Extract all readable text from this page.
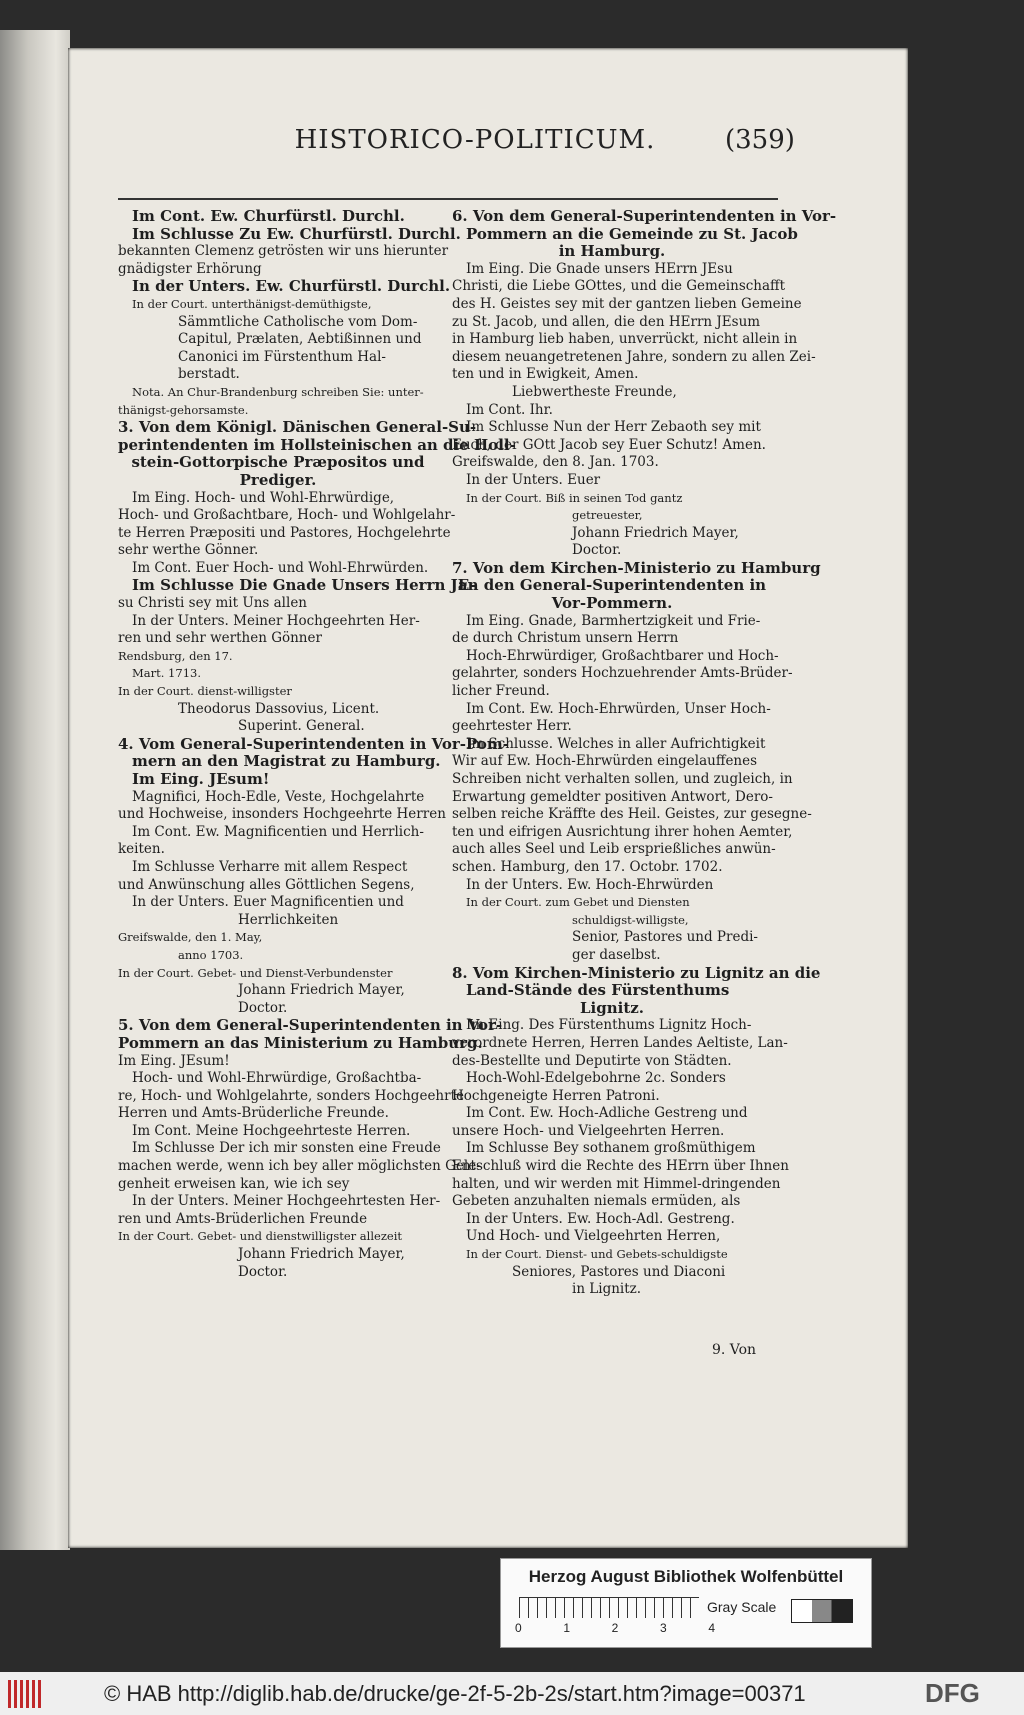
HISTORICO-POLITICUM.	(359)
Im Cont. Ew. Churfürstl. Durchl.
Im Schlusse Zu Ew. Churfürstl. Durchl.
bekannten Clemenz getrösten wir uns hierunter
gnädigster Erhörung
In der Unters. Ew. Churfürstl. Durchl.
In der Court. unterthänigst-demüthigste,
Sämmtliche Catholische vom Dom-
Capitul, Prælaten, Aebtißinnen und
Canonici im Fürstenthum Hal-
berstadt.
Nota. An Chur-Brandenburg schreiben Sie: unter-
thänigst-gehorsamste.
3. Von dem Königl. Dänischen General-Su-
perintendenten im Hollsteinischen an die Holl-
stein-Gottorpische Præpositos und
Prediger.
Im Eing. Hoch- und Wohl-Ehrwürdige,
Hoch- und Großachtbare, Hoch- und Wohlgelahr-
te Herren Præpositi und Pastores, Hochgelehrte
sehr werthe Gönner.
Im Cont. Euer Hoch- und Wohl-Ehrwürden.
Im Schlusse Die Gnade Unsers Herrn JE-
su Christi sey mit Uns allen
In der Unters. Meiner Hochgeehrten Her-
ren und sehr werthen Gönner
Rendsburg, den 17.
Mart. 1713.
In der Court. dienst-willigster
Theodorus Dassovius, Licent.
Superint. General.
4. Vom General-Superintendenten in Vor-Pom-
mern an den Magistrat zu Hamburg.
Im Eing. JEsum!
Magnifici, Hoch-Edle, Veste, Hochgelahrte
und Hochweise, insonders Hochgeehrte Herren
Im Cont. Ew. Magnificentien und Herrlich-
keiten.
Im Schlusse Verharre mit allem Respect
und Anwünschung alles Göttlichen Segens,
In der Unters. Euer Magnificentien und
Herrlichkeiten
Greifswalde, den 1. May,
anno 1703.
In der Court. Gebet- und Dienst-Verbundenster
Johann Friedrich Mayer,
Doctor.
5. Von dem General-Superintendenten in Vor-
Pommern an das Ministerium zu Hamburg.
Im Eing. JEsum!
Hoch- und Wohl-Ehrwürdige, Großachtba-
re, Hoch- und Wohlgelahrte, sonders Hochgeehrte
Herren und Amts-Brüderliche Freunde.
Im Cont. Meine Hochgeehrteste Herren.
Im Schlusse Der ich mir sonsten eine Freude
machen werde, wenn ich bey aller möglichsten Gele-
genheit erweisen kan, wie ich sey
In der Unters. Meiner Hochgeehrtesten Her-
ren und Amts-Brüderlichen Freunde
In der Court. Gebet- und dienstwilligster allezeit
Johann Friedrich Mayer,
Doctor.
6. Von dem General-Superintendenten in Vor-
Pommern an die Gemeinde zu St. Jacob
in Hamburg.
Im Eing. Die Gnade unsers HErrn JEsu
Christi, die Liebe GOttes, und die Gemeinschafft
des H. Geistes sey mit der gantzen lieben Gemeine
zu St. Jacob, und allen, die den HErrn JEsum
in Hamburg lieb haben, unverrückt, nicht allein in
diesem neuangetretenen Jahre, sondern zu allen Zei-
ten und in Ewigkeit, Amen.
Liebwertheste Freunde,
Im Cont. Ihr.
Im Schlusse Nun der Herr Zebaoth sey mit
Euch, der GOtt Jacob sey Euer Schutz! Amen.
Greifswalde, den 8. Jan. 1703.
In der Unters. Euer
In der Court. Biß in seinen Tod gantz
getreuester,
Johann Friedrich Mayer,
Doctor.
7. Von dem Kirchen-Ministerio zu Hamburg
an den General-Superintendenten in
Vor-Pommern.
Im Eing. Gnade, Barmhertzigkeit und Frie-
de durch Christum unsern Herrn
Hoch-Ehrwürdiger, Großachtbarer und Hoch-
gelahrter, sonders Hochzuehrender Amts-Brüder-
licher Freund.
Im Cont. Ew. Hoch-Ehrwürden, Unser Hoch-
geehrtester Herr.
Im Schlusse. Welches in aller Aufrichtigkeit
Wir auf Ew. Hoch-Ehrwürden eingelauffenes
Schreiben nicht verhalten sollen, und zugleich, in
Erwartung gemeldter positiven Antwort, Dero-
selben reiche Kräffte des Heil. Geistes, zur gesegne-
ten und eifrigen Ausrichtung ihrer hohen Aemter,
auch alles Seel und Leib ersprießliches anwün-
schen. Hamburg, den 17. Octobr. 1702.
In der Unters. Ew. Hoch-Ehrwürden
In der Court. zum Gebet und Diensten
schuldigst-willigste,
Senior, Pastores und Predi-
ger daselbst.
8. Vom Kirchen-Ministerio zu Lignitz an die
Land-Stände des Fürstenthums
Lignitz.
Im Eing. Des Fürstenthums Lignitz Hoch-
verordnete Herren, Herren Landes Aeltiste, Lan-
des-Bestellte und Deputirte von Städten.
Hoch-Wohl-Edelgebohrne 2c. Sonders
Hochgeneigte Herren Patroni.
Im Cont. Ew. Hoch-Adliche Gestreng und
unsere Hoch- und Vielgeehrten Herren.
Im Schlusse Bey sothanem großmüthigem
Entschluß wird die Rechte des HErrn über Ihnen
halten, und wir werden mit Himmel-dringenden
Gebeten anzuhalten niemals ermüden, als
In der Unters. Ew. Hoch-Adl. Gestreng.
Und Hoch- und Vielgeehrten Herren,
In der Court. Dienst- und Gebets-schuldigste
Seniores, Pastores und Diaconi
in Lignitz.
9. Von
Herzog August Bibliothek Wolfenbüttel
0	1	2	3	4
Gray Scale
© HAB http://diglib.hab.de/drucke/ge-2f-5-2b-2s/start.htm?image=00371	DFG
